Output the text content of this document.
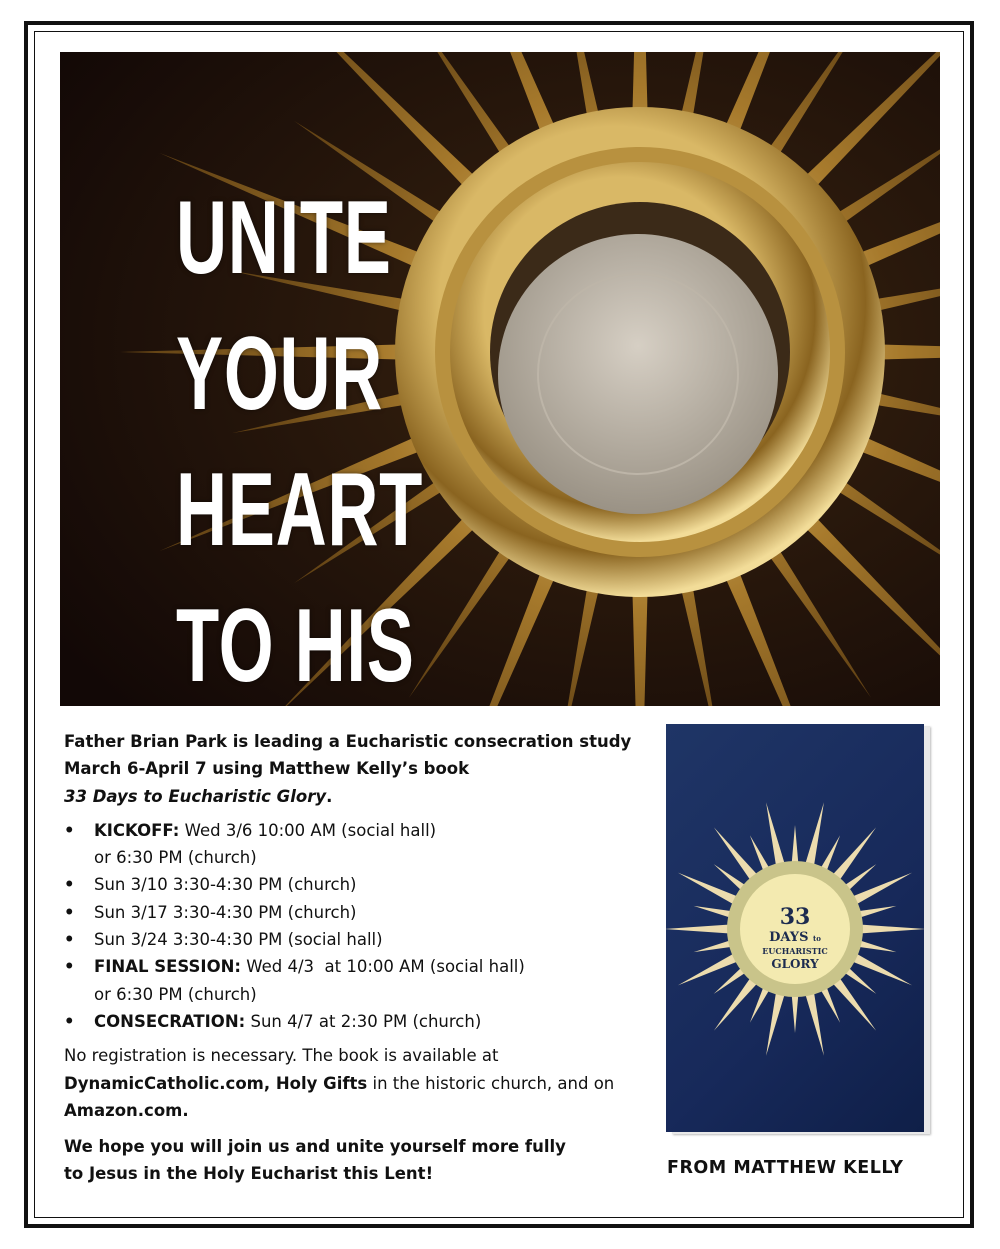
UNITE
YOUR
HEART
TO HIS

Father Brian Park is leading a Eucharistic consecration study March 6-April 7 using Matthew Kelly’s book
33 Days to Eucharistic Glory.

• KICKOFF: Wed 3/6 10:00 AM (social hall)
or 6:30 PM (church)
• Sun 3/10 3:30-4:30 PM (church)
• Sun 3/17 3:30-4:30 PM (church)
• Sun 3/24 3:30-4:30 PM (social hall)
• FINAL SESSION: Wed 4/3  at 10:00 AM (social hall)
or 6:30 PM (church)
• CONSECRATION: Sun 4/7 at 2:30 PM (church)

No registration is necessary. The book is available at DynamicCatholic.com, Holy Gifts in the historic church, and on Amazon.com.

We hope you will join us and unite yourself more fully to Jesus in the Holy Eucharist this Lent!

33
DAYS to
EUCHARISTIC
GLORY
FROM MATTHEW KELLY
